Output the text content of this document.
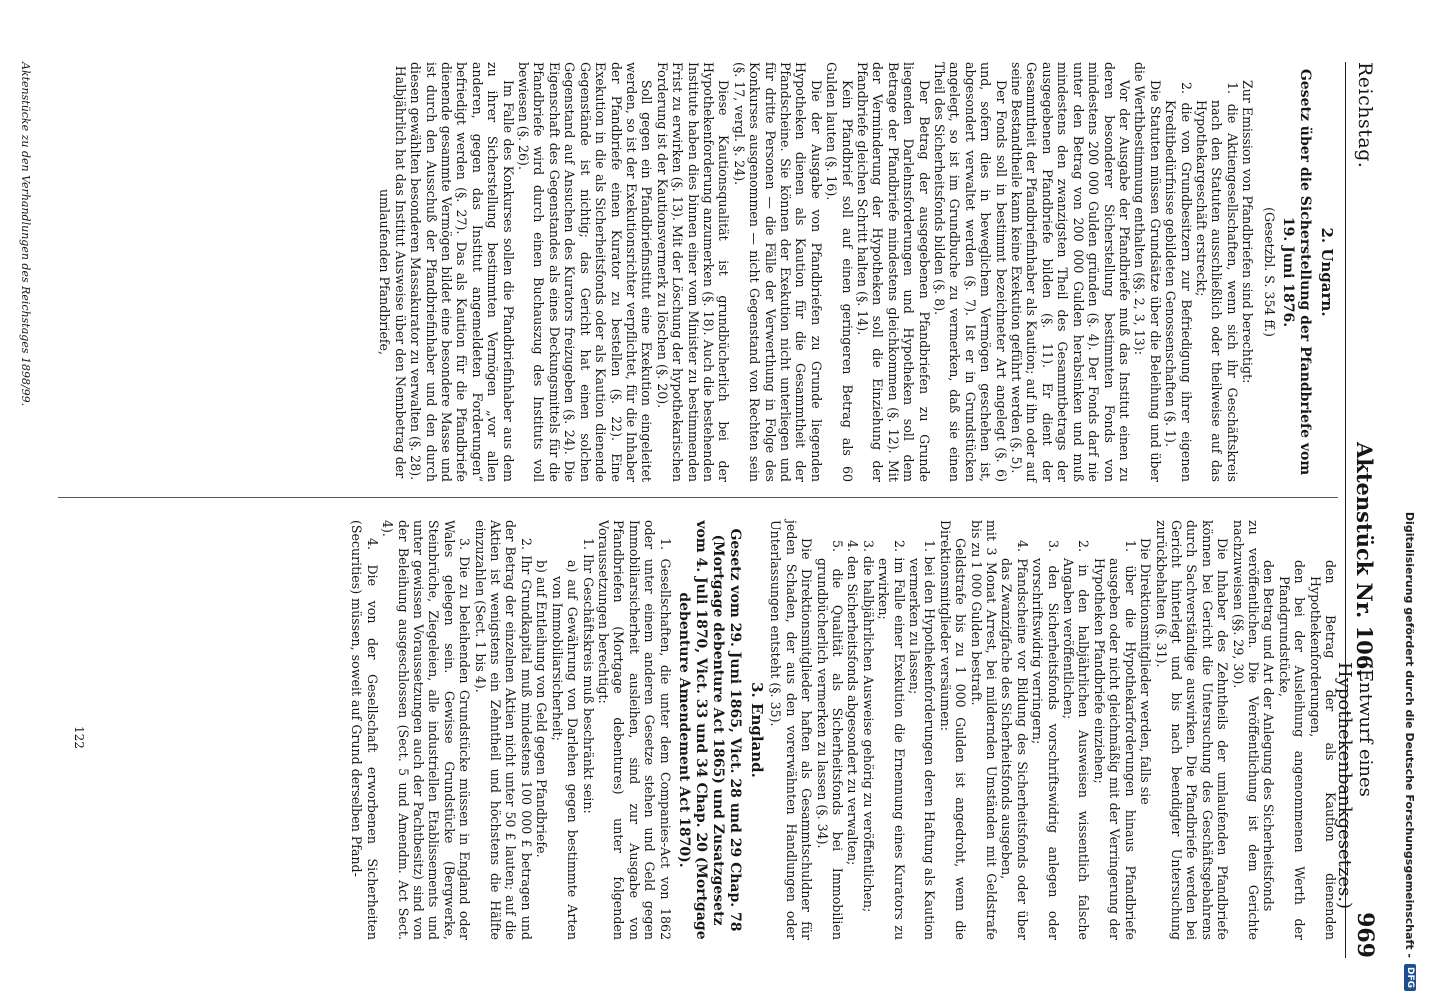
Digitalisierung gefördert durch die Deutsche Forschungsgemeinschaft -
DFG
Reichstag.
Aktenstück Nr. 106.
(Entwurf eines Hypothekenbankgesetzes.)
969

2. Ungarn.

Gesetz über die Sicherstellung der Pfandbriefe vom 19. Juni 1876.

(Gesetzbl. S. 354 ff.)

Zur Emission von Pfandbriefen sind berechtigt:

1. die Aktiengesellschaften, wenn sich ihr Geschäftskreis nach den Statuten ausschließlich oder theilweise auf das Hypothekargeschäft erstreckt;

2. die von Grundbesitzern zur Befriedigung ihrer eigenen Kreditbedürfnisse gebildeten Genossenschaften (§. 1).

Die Statuten müssen Grundsätze über die Beleihung und über die Werthbestimmung enthalten (§§. 2, 3, 13):

Vor der Ausgabe der Pfandbriefe muß das Institut einen zu deren besonderer Sicherstellung bestimmten Fonds von mindestens 200 000 Gulden gründen (§. 4). Der Fonds darf nie unter den Betrag von 200 000 Gulden herabsinken und muß mindestens den zwanzigsten Theil des Gesammtbetrags der ausgegebenen Pfandbriefe bilden (§. 11). Er dient der Gesammtheit der Pfandbriefinhaber als Kaution; auf ihn oder auf seine Bestandtheile kann keine Exekution geführt werden (§. 5).

Der Fonds soll in bestimmt bezeichneter Art angelegt (§. 6) und, sofern dies in beweglichem Vermögen geschehen ist, abgesondert verwaltet werden (§. 7). Ist er in Grundstücken angelegt, so ist im Grundbuche zu vermerken, daß sie einen Theil des Sicherheitsfonds bilden (§. 8).

Der Betrag der ausgegebenen Pfandbriefen zu Grunde liegenden Darlehnsforderungen und Hypotheken soll dem Betrage der Pfandbriefe mindestens gleichkommen (§. 12). Mit der Verminderung der Hypotheken soll die Einziehung der Pfandbriefe gleichen Schritt halten (§. 14).

Kein Pfandbrief soll auf einen geringeren Betrag als 60 Gulden lauten (§. 16).

Die der Ausgabe von Pfandbriefen zu Grunde liegenden Hypotheken dienen als Kaution für die Gesammtheit der Pfandscheine. Sie können der Exekution nicht unterliegen und für dritte Personen — die Fälle der Verwerthung in Folge des Konkurses ausgenommen — nicht Gegenstand von Rechten sein (§. 17, vergl. §. 24).

Diese Kautionsqualität ist grundbücherlich bei der Hypothekenforderung anzumerken (§. 18). Auch die bestehenden Institute haben dies binnen einer vom Minister zu bestimmenden Frist zu erwirken (§. 13). Mit der Löschung der hypothekarischen Forderung ist der Kautionsvermerk zu löschen (§. 20).

Soll gegen ein Pfandbriefinstitut eine Exekution eingeleitet werden, so ist der Exekutionsrichter verpflichtet, für die Inhaber der Pfandbriefe einen Kurator zu bestellen (§. 22). Eine Exekution in die als Sicherheitsfonds oder als Kaution dienende Gegenstände ist nichtig; das Gericht hat einen solchen Gegenstand auf Ansuchen des Kurators freizugeben (§. 24). Die Eigenschaft des Gegenstandes als eines Deckungsmittels für die Pfandbriefe wird durch einen Buchauszug des Instituts voll bewiesen (§. 26).

Im Falle des Konkurses sollen die Pfandbriefinhaber aus dem zu ihrer Sicherstellung bestimmten Vermögen „vor allen anderen, gegen das Institut angemeldeten Forderungen“ befriedigt werden (§. 27). Das als Kaution für die Pfandbriefe dienende gesammte Vermögen bildet eine besondere Masse und ist durch den Ausschuß der Pfandbriefinhaber und den durch diesen gewählten besonderen Massakurator zu verwalten (§. 28).

Halbjährlich hat das Institut Ausweise über den Nennbetrag der umlaufenden Pfandbriefe,

den Betrag der als Kaution dienenden Hypothekenforderungen,

den bei der Ausleihung angenommenen Werth der Pfandgrundstücke,

den Betrag und Art der Anlegung des Sicherheitsfonds

zu veröffentlichen. Die Veröffentlichung ist dem Gerichte nachzuweisen (§§. 29, 30).

Die Inhaber des Zehntheils der umlaufenden Pfandbriefe können bei Gericht die Untersuchung des Geschäftsgebahrens durch Sachverständige auswirken. Die Pfandbriefe werden bei Gericht hinterlegt und bis nach beendigter Untersuchung zurückbehalten (§. 31).

Die Direktionsmitglieder werden, falls sie

1. über die Hypothekarforderungen hinaus Pfandbriefe ausgeben oder nicht gleichmäßig mit der Verringerung der Hypotheken Pfandbriefe einziehen;

2. in den halbjährlichen Ausweisen wissentlich falsche Angaben veröffentlichen;

3. den Sicherheitsfonds vorschriftswidrig anlegen oder vorschriftswidrig verringern;

4. Pfandscheine vor Bildung des Sicherheitsfonds oder über das Zwanzigfache des Sicherheitsfonds ausgeben,

mit 3 Monat Arrest, bei mildernden Umständen mit Geldstrafe bis zu 1 000 Gulden bestraft.

Geldstrafe bis zu 1 000 Gulden ist angedroht, wenn die Direktionsmitglieder versäumen:

1. bei den Hypothekenforderungen deren Haftung als Kaution vermerken zu lassen;

2. im Falle einer Exekution die Ernennung eines Kurators zu erwirken;

3. die halbjährlichen Ausweise gehörig zu veröffentlichen;

4. den Sicherheitsfonds abgesondert zu verwalten;

5. die Qualität als Sicherheitsfonds bei Immobilien grundbücherlich vermerken zu lassen (§. 34).

Die Direktionsmitglieder haften als Gesammtschuldner für jeden Schaden, der aus den vorerwähnten Handlungen oder Unterlassungen entsteht (§. 35).

3. England.

Gesetz vom 29. Juni 1865, Vict. 28 und 29 Chap. 78 (Mortgage debenture Act 1865) und Zusatzgesetz vom 4. Juli 1870, Vict. 33 und 34 Chap. 20 (Mortgage debenture Amendement Act 1870).

1. Gesellschaften, die unter dem Companies-Act von 1862 oder unter einem anderen Gesetze stehen und Geld gegen Immobiliarsicherheit ausleihen, sind zur Ausgabe von Pfandbriefen (Mortgage debentures) unter folgenden Voraussetzungen berechtigt:

1. Ihr Geschäftskreis muß beschränkt sein:

a) auf Gewährung von Darlehen gegen bestimmte Arten von Immobiliarsicherheit;

b) auf Entleihung von Geld gegen Pfandbriefe.

2. Ihr Grundkapital muß mindestens 100 000 £ betragen und der Betrag der einzelnen Aktien nicht unter 50 £ lauten; auf die Aktien ist wenigstens ein Zehntheil und höchstens die Hälfte einzuzahlen (Sect. 1 bis 4).

3. Die zu beleihenden Grundstücke müssen in England oder Wales gelegen sein. Gewisse Grundstücke (Bergwerke, Steinbrüche, Ziegeleien, alle industriellen Etablissements und unter gewissen Voraussetzungen auch der Pachtbesitz) sind von der Beleihung ausgeschlossen (Sect. 5 und Amendm. Act Sect. 4).

4. Die von der Gesellschaft erworbenen Sicherheiten (Securities) müssen, soweit auf Grund derselben Pfand-

122
Aktenstücke zu den Verhandlungen des Reichstages 1898/99.
